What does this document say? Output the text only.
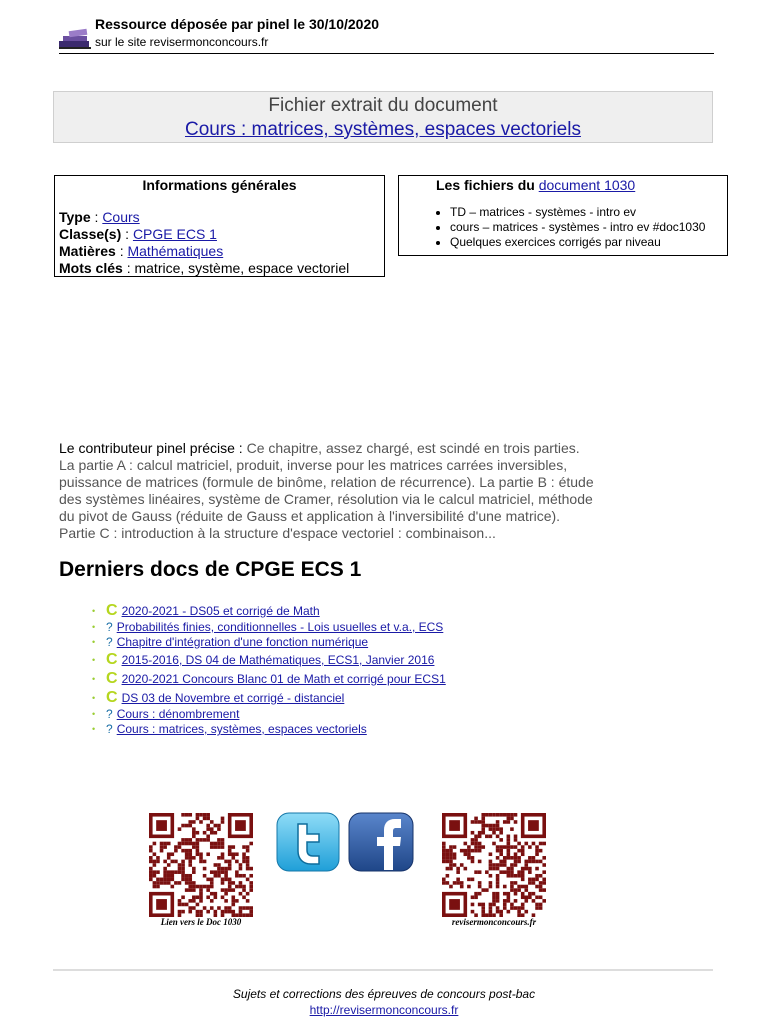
Ressource déposée par pinel le 30/10/2020
sur le site revisermonconcours.fr
Fichier extrait du document
Cours : matrices, systèmes, espaces vectoriels
Informations générales
Type : Cours
Classe(s) : CPGE ECS 1
Matières : Mathématiques
Mots clés : matrice, système, espace vectoriel
Les fichiers du document 1030
• TD – matrices - systèmes - intro ev
• cours – matrices - systèmes - intro ev #doc1030
• Quelques exercices corrigés par niveau
Le contributeur pinel précise : Ce chapitre, assez chargé, est scindé en trois parties. La partie A : calcul matriciel, produit, inverse pour les matrices carrées inversibles, puissance de matrices (formule de binôme, relation de récurrence). La partie B : étude des systèmes linéaires, système de Cramer, résolution via le calcul matriciel, méthode du pivot de Gauss (réduite de Gauss et application à l'inversibilité d'une matrice). Partie C : introduction à la structure d'espace vectoriel : combinaison...
Derniers docs de CPGE ECS 1
• C 2020-2021 - DS05 et corrigé de Math
• ? Probabilités finies, conditionnelles - Lois usuelles et v.a., ECS
• ? Chapitre d'intégration d'une fonction numérique
• C 2015-2016, DS 04 de Mathématiques, ECS1, Janvier 2016
• C 2020-2021 Concours Blanc 01 de Math et corrigé pour ECS1
• C DS 03 de Novembre et corrigé - distanciel
• ? Cours : dénombrement
• ? Cours : matrices, systèmes, espaces vectoriels
Lien vers le Doc 1030	revisermonconcours.fr
Sujets et corrections des épreuves de concours post-bac
http://revisermonconcours.fr
